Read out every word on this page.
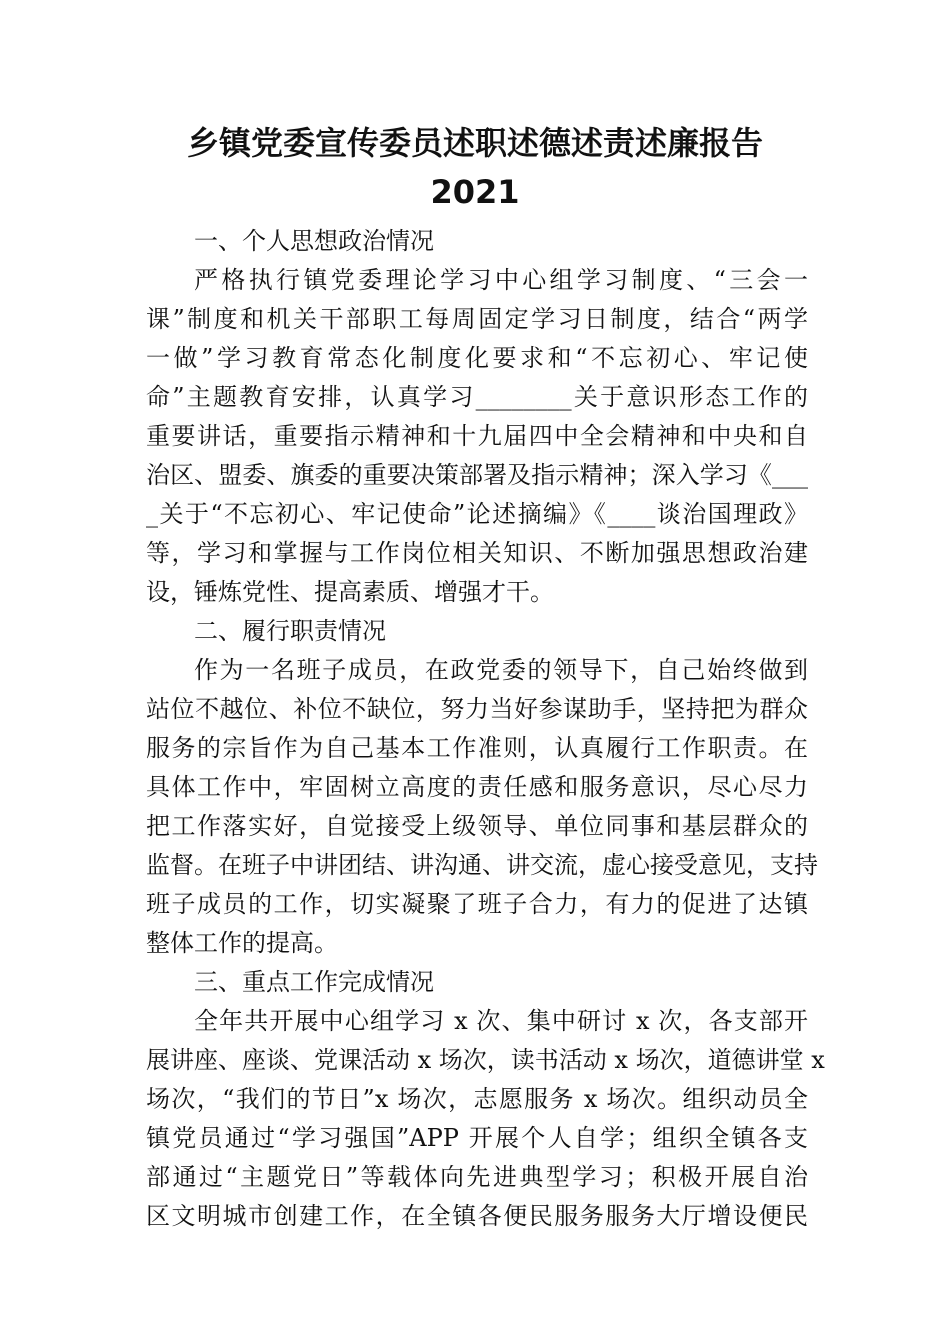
乡镇党委宣传委员述职述德述责述廉报告
2021
一、个人思想政治情况
严格执行镇党委理论学习中心组学习制度、“三会一
课”制度和机关干部职工每周固定学习日制度，结合“两学
一做”学习教育常态化制度化要求和“不忘初心、牢记使
命”主题教育安排，认真学习________关于意识形态工作的
重要讲话，重要指示精神和十九届四中全会精神和中央和自
治区、盟委、旗委的重要决策部署及指示精神；深入学习《___
_关于“不忘初心、牢记使命”论述摘编》《____谈治国理政》
等，学习和掌握与工作岗位相关知识、不断加强思想政治建
设，锤炼党性、提高素质、增强才干。
二、履行职责情况
作为一名班子成员，在政党委的领导下，自己始终做到
站位不越位、补位不缺位，努力当好参谋助手，坚持把为群众
服务的宗旨作为自己基本工作准则，认真履行工作职责。在
具体工作中，牢固树立高度的责任感和服务意识，尽心尽力
把工作落实好，自觉接受上级领导、单位同事和基层群众的
监督。在班子中讲团结、讲沟通、讲交流，虚心接受意见，支持
班子成员的工作，切实凝聚了班子合力，有力的促进了达镇
整体工作的提高。
三、重点工作完成情况
全年共开展中心组学习 x 次、集中研讨 x 次，各支部开
展讲座、座谈、党课活动 x 场次，读书活动 x 场次，道德讲堂 x
场次，“我们的节日”x 场次，志愿服务 x 场次。组织动员全
镇党员通过“学习强国”APP 开展个人自学；组织全镇各支
部通过“主题党日”等载体向先进典型学习；积极开展自治
区文明城市创建工作，在全镇各便民服务服务大厅增设便民
